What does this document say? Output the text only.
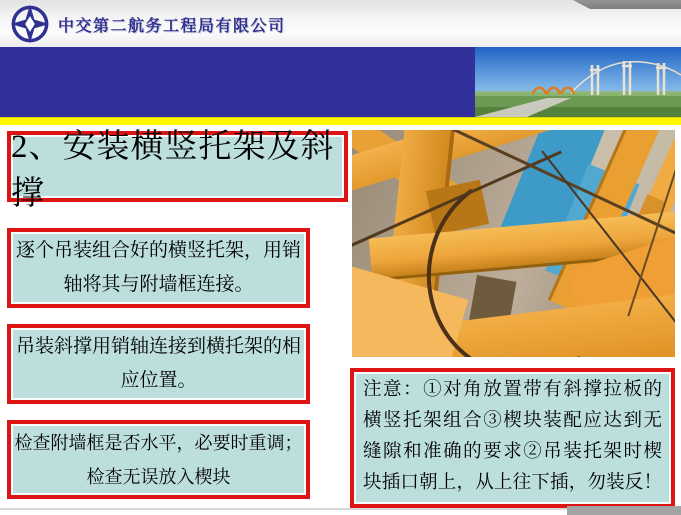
中交第二航务工程局有限公司
2、安装横竖托架及斜撑
逐个吊装组合好的横竖托架，用销
轴将其与附墙框连接。
吊装斜撑用销轴连接到横托架的相
应位置。
检查附墙框是否水平，必要时重调；
检查无误放入楔块
注意：①对角放置带有斜撑拉板的
横竖托架组合③楔块装配应达到无
缝隙和准确的要求②吊装托架时楔
块插口朝上，从上往下插，勿装反！
